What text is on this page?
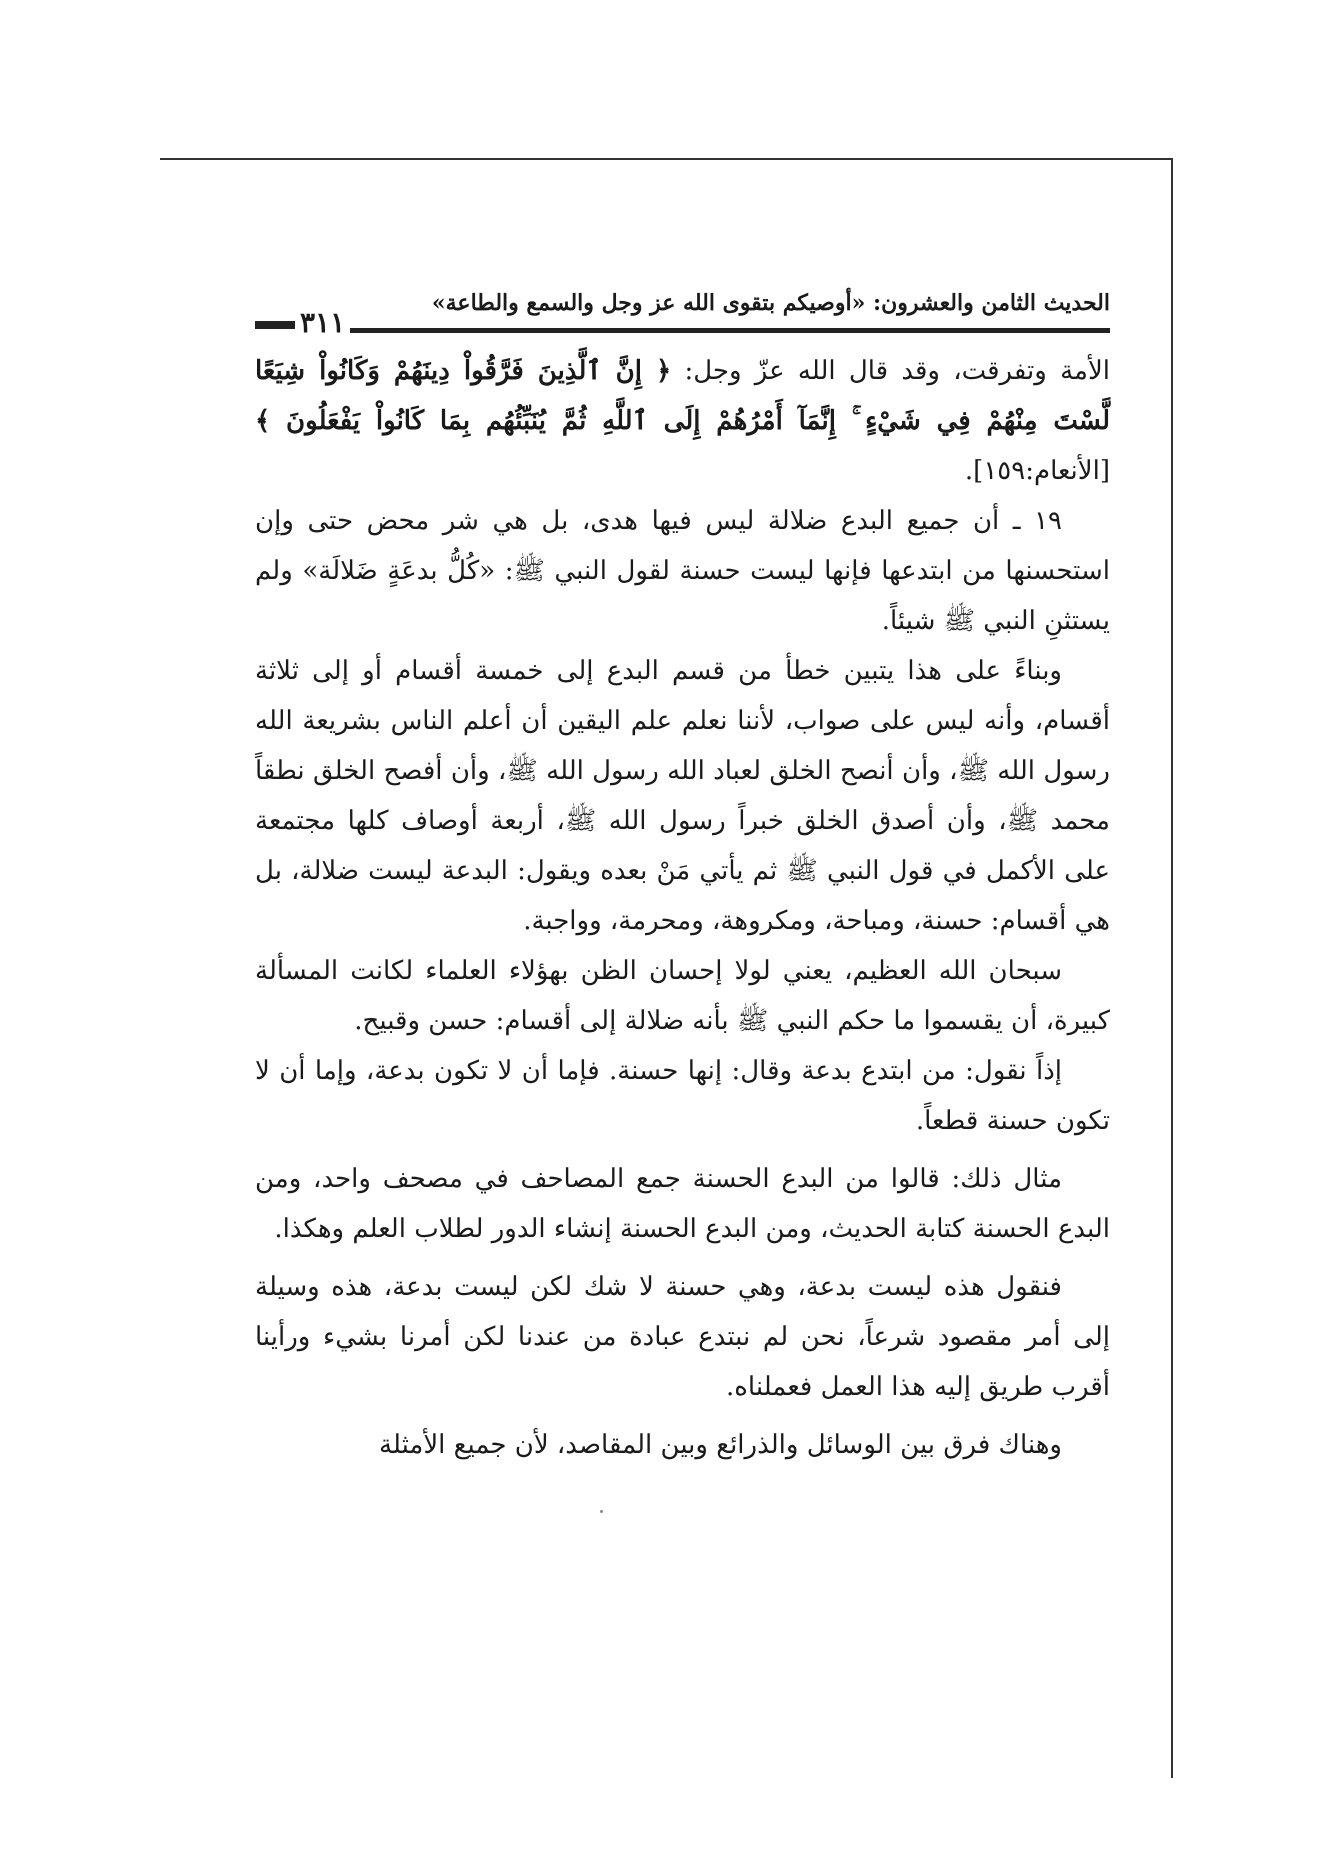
الحديث الثامن والعشرون: «أوصيكم بتقوى الله عز وجل والسمع والطاعة»
٣١١

الأمة وتفرقت، وقد قال الله عزّ وجل: ﴿ إِنَّ ٱلَّذِينَ فَرَّقُواْ دِينَهُمْ وَكَانُواْ شِيَعًا لَّسْتَ مِنْهُمْ فِي شَيْءٍ ۚ إِنَّمَآ أَمْرُهُمْ إِلَى ٱللَّهِ ثُمَّ يُنَبِّئُهُم بِمَا كَانُواْ يَفْعَلُونَ ﴾ [الأنعام:١٥٩].

١٩ ـ أن جميع البدع ضلالة ليس فيها هدى، بل هي شر محض حتى وإن استحسنها من ابتدعها فإنها ليست حسنة لقول النبي ﷺ: «كُلُّ بدعَةٍ ضَلالَة» ولم يستثنِ النبي ﷺ شيئاً.

وبناءً على هذا يتبين خطأ من قسم البدع إلى خمسة أقسام أو إلى ثلاثة أقسام، وأنه ليس على صواب، لأننا نعلم علم اليقين أن أعلم الناس بشريعة الله رسول الله ﷺ، وأن أنصح الخلق لعباد الله رسول الله ﷺ، وأن أفصح الخلق نطقاً محمد ﷺ، وأن أصدق الخلق خبراً رسول الله ﷺ، أربعة أوصاف كلها مجتمعة على الأكمل في قول النبي ﷺ ثم يأتي مَنْ بعده ويقول: البدعة ليست ضلالة، بل هي أقسام: حسنة، ومباحة، ومكروهة، ومحرمة، وواجبة.

سبحان الله العظيم، يعني لولا إحسان الظن بهؤلاء العلماء لكانت المسألة كبيرة، أن يقسموا ما حكم النبي ﷺ بأنه ضلالة إلى أقسام: حسن وقبيح.

إذاً نقول: من ابتدع بدعة وقال: إنها حسنة. فإما أن لا تكون بدعة، وإما أن لا تكون حسنة قطعاً.

مثال ذلك: قالوا من البدع الحسنة جمع المصاحف في مصحف واحد، ومن البدع الحسنة كتابة الحديث، ومن البدع الحسنة إنشاء الدور لطلاب العلم وهكذا.

فنقول هذه ليست بدعة، وهي حسنة لا شك لكن ليست بدعة، هذه وسيلة إلى أمر مقصود شرعاً، نحن لم نبتدع عبادة من عندنا لكن أمرنا بشيء ورأينا أقرب طريق إليه هذا العمل فعملناه.

وهناك فرق بين الوسائل والذرائع وبين المقاصد، لأن جميع الأمثلة
